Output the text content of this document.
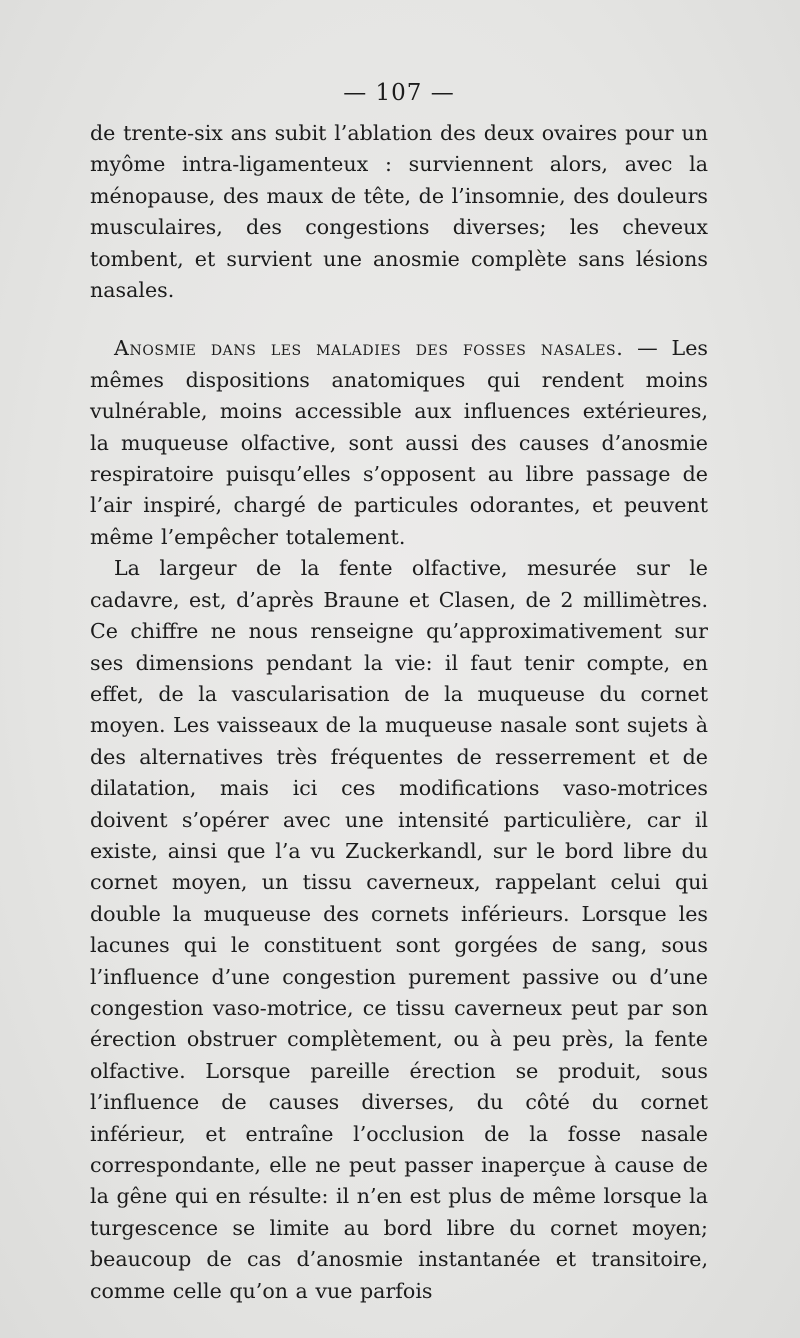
— 107 —

de trente-six ans subit l’ablation des deux ovaires pour un myôme intra-ligamenteux : surviennent alors, avec la ménopause, des maux de tête, de l’insomnie, des douleurs musculaires, des congestions diverses; les cheveux tombent, et survient une anosmie complète sans lésions nasales.

Anosmie dans les maladies des fosses nasales. — Les mêmes dispositions anatomiques qui rendent moins vulnérable, moins accessible aux influences extérieures, la muqueuse olfactive, sont aussi des causes d’anosmie respiratoire puisqu’elles s’opposent au libre passage de l’air inspiré, chargé de particules odorantes, et peuvent même l’empêcher totalement.

La largeur de la fente olfactive, mesurée sur le cadavre, est, d’après Braune et Clasen, de 2 millimètres. Ce chiffre ne nous renseigne qu’approximativement sur ses dimensions pendant la vie: il faut tenir compte, en effet, de la vascularisation de la muqueuse du cornet moyen. Les vaisseaux de la muqueuse nasale sont sujets à des alternatives très fréquentes de resserrement et de dilatation, mais ici ces modifications vaso-motrices doivent s’opérer avec une intensité particulière, car il existe, ainsi que l’a vu Zuckerkandl, sur le bord libre du cornet moyen, un tissu caverneux, rappelant celui qui double la muqueuse des cornets inférieurs. Lorsque les lacunes qui le constituent sont gorgées de sang, sous l’influence d’une congestion purement passive ou d’une congestion vaso-motrice, ce tissu caverneux peut par son érection obstruer complètement, ou à peu près, la fente olfactive. Lorsque pareille érection se produit, sous l’influence de causes diverses, du côté du cornet inférieur, et entraîne l’occlusion de la fosse nasale correspondante, elle ne peut passer inaperçue à cause de la gêne qui en résulte: il n’en est plus de même lorsque la turgescence se limite au bord libre du cornet moyen; beaucoup de cas d’anosmie instantanée et transitoire, comme celle qu’on a vue parfois
